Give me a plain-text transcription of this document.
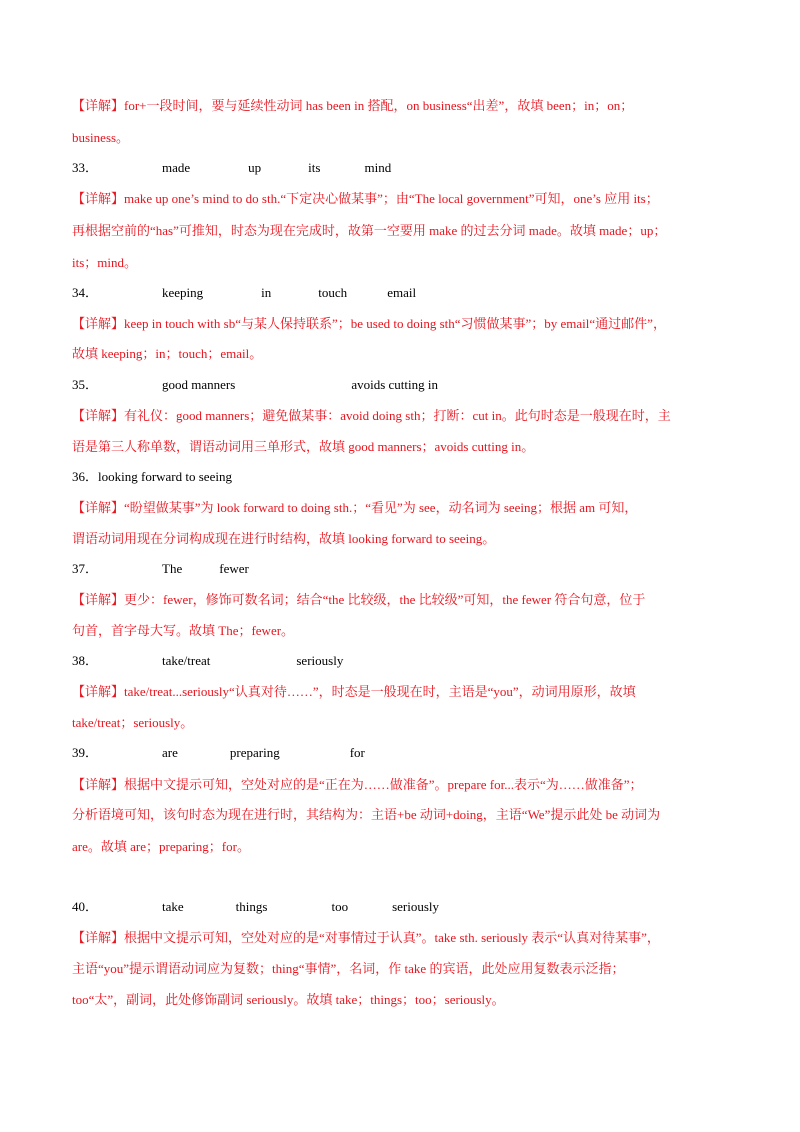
【详解】for+一段时间，要与延续性动词 has been in 搭配，on business“出差”，故填 been；in；on；
business。
33．	made	up	its	mind
【详解】make up one’s mind to do sth.“下定决心做某事”；由“The local government”可知，one’s 应用 its；
再根据空前的“has”可推知，时态为现在完成时，故第一空要用 make 的过去分词 made。故填 made；up；
its；mind。
34．	keeping	in	touch	email
【详解】keep in touch with sb“与某人保持联系”；be used to doing sth“习惯做某事”；by email“通过邮件”，
故填 keeping；in；touch；email。
35．	good manners	avoids cutting in
【详解】有礼仪：good manners；避免做某事：avoid doing sth；打断：cut in。此句时态是一般现在时，主
语是第三人称单数，谓语动词用三单形式，故填 good manners；avoids cutting in。
36．looking forward to seeing
【详解】“盼望做某事”为 look forward to doing sth.；“看见”为 see，动名词为 seeing；根据 am 可知，
谓语动词用现在分词构成现在进行时结构，故填 looking forward to seeing。
37．	The	fewer
【详解】更少：fewer，修饰可数名词；结合“the 比较级，the 比较级”可知，the fewer 符合句意，位于
句首，首字母大写。故填 The；fewer。
38．	take/treat	seriously
【详解】take/treat...seriously“认真对待……”，时态是一般现在时，主语是“you”，动词用原形，故填
take/treat；seriously。
39．	are	preparing	for
【详解】根据中文提示可知，空处对应的是“正在为……做准备”。prepare for...表示“为……做准备”；
分析语境可知，该句时态为现在进行时，其结构为：主语+be 动词+doing，主语“We”提示此处 be 动词为
are。故填 are；preparing；for。
40．	take	things	too	seriously
【详解】根据中文提示可知，空处对应的是“对事情过于认真”。take sth. seriously 表示“认真对待某事”，
主语“you”提示谓语动词应为复数；thing“事情”，名词，作 take 的宾语，此处应用复数表示泛指；
too“太”，副词，此处修饰副词 seriously。故填 take；things；too；seriously。
